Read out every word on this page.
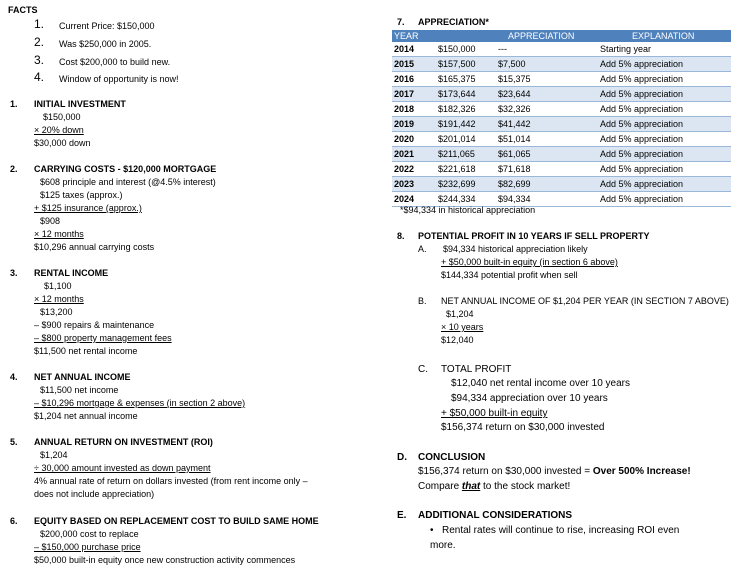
FACTS
1. Current Price: $150,000
2. Was $250,000 in 2005.
3. Cost $200,000 to build new.
4. Window of opportunity is now!
1. INITIAL INVESTMENT
$150,000
× 20% down
$30,000 down
2. CARRYING COSTS - $120,000 MORTGAGE
$608 principle and interest (@4.5% interest)
$125 taxes (approx.)
+ $125 insurance (approx.)
$908
× 12 months
$10,296 annual carrying costs
3. RENTAL INCOME
$1,100
× 12 months
$13,200
– $900 repairs & maintenance
– $800 property management fees
$11,500 net rental income
4. NET ANNUAL INCOME
$11,500 net income
– $10,296 mortgage & expenses (in section 2 above)
$1,204 net annual income
5. ANNUAL RETURN ON INVESTMENT (ROI)
$1,204
÷ 30,000 amount invested as down payment
4% annual rate of return on dollars invested (from rent income only –
does not include appreciation)
6. EQUITY BASED ON REPLACEMENT COST TO BUILD SAME HOME
$200,000 cost to replace
– $150,000 purchase price
$50,000 built-in equity once new construction activity commences
7. APPRECIATION*
YEAR		APPRECIATION	EXPLANATION
2014	$150,000	---	Starting year
2015	$157,500	$7,500	Add 5% appreciation
2016	$165,375	$15,375	Add 5% appreciation
2017	$173,644	$23,644	Add 5% appreciation
2018	$182,326	$32,326	Add 5% appreciation
2019	$191,442	$41,442	Add 5% appreciation
2020	$201,014	$51,014	Add 5% appreciation
2021	$211,065	$61,065	Add 5% appreciation
2022	$221,618	$71,618	Add 5% appreciation
2023	$232,699	$82,699	Add 5% appreciation
2024	$244,334	$94,334	Add 5% appreciation
*$94,334 in historical appreciation
8. POTENTIAL PROFIT IN 10 YEARS IF SELL PROPERTY
A. $94,334 historical appreciation likely
+ $50,000 built-in equity (in section 6 above)
$144,334 potential profit when sell
B. NET ANNUAL INCOME OF $1,204 PER YEAR (IN SECTION 7 ABOVE)
$1,204
× 10 years
$12,040
C. TOTAL PROFIT
$12,040 net rental income over 10 years
$94,334 appreciation over 10 years
+ $50,000 built-in equity
$156,374 return on $30,000 invested
D. CONCLUSION
$156,374 return on $30,000 invested = Over 500% Increase!
Compare that to the stock market!
E. ADDITIONAL CONSIDERATIONS
• Rental rates will continue to rise, increasing ROI even
more.
